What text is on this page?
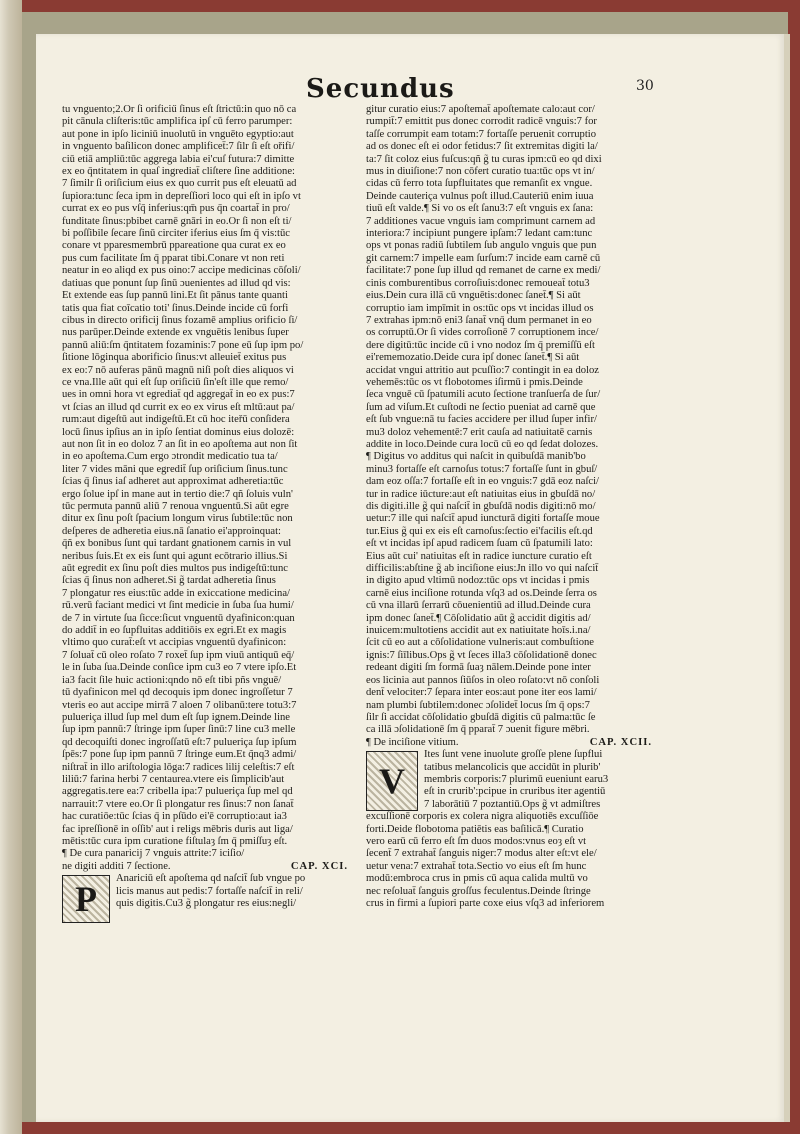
Secundus	30
tu vnguento;2.Or ſi orificiű ſinus eſt ſtrictū:in quo nō ca
pit cānula cliſteris:tūc amplifica ipſ cū ferro parumper:
aut pone in ipſo liciniū inuolutū in vnguēto egyptio:aut
in vnguento baſilicon donec amplificet̄:7 ſilr ſi eſt ořifi/
ciū etiā ampliū:tūc aggrega labia ei'cuſ futura:7 dimitte
ex eo q̄ntitatem in quaſ ingrediat̄ cliſtere ſine additione:
7 ſimilr ſi oriſicium eius ex quo currit pus eſt eleuatū ad
ſupiora:tunc ſeca ipm in depreſſiori loco qui eſt in ipſo vt
currat ex eo pus vſq̄ inferius:qm̄ pus q̄n coartat̄ in pro/
funditate ſinus:pbibet carnē gnāri in eo.Or ſi non eſt ti/
bi poſſibile ſecare ſinū circiter iferius eius ſm q̄ vis:tūc
conare vt pparesmembrū ppareatione qua curat ex eo
pus cum facilitate ſm q̄ pparat tibi.Conare vt non reti
neatur in eo aliqd ex pus oino:7 accipe medicinas cōſoli/
datiuas que ponunt ſup ſinū ɔuenientes ad illud qd vis:
Et extende eas ſup pannū lini.Et ſit pānus tante quanti
tatis qua fiat coīcatio toti' ſinus.Deinde incide cū forfi
cibus in directo orificij ſinus fozamē amplius orificio ſi/
nus parūper.Deinde extende ex vnguētis lenibus ſuper
pannū aliū:ſm q̄ntitatem fozaminis:7 pone eū ſup ipm po/
ſitione lōginqua aborificio ſinus:vt alleuiet̄ exitus pus
ex eo:7 nō auferas pānū magnū niſi poſt dies aliquos vi
ce vna.Ille aūt qui eſt ſup oriſiciū ſin'eſt ille que remo/
ues in omni hora vt egrediat̄ qd aggregat̄ in eo ex pus:7
vt ſcias an illud qd currit ex eo ex virus eſt mltū:aut pa/
rum:aut digeſtū aut indigeſtū.Et cū hoc iteřū conſidera
locū ſinus ipſius an in ipſo ſentiat dominus eius dolozē:
aut non ſit in eo doloz 7 an ſit in eo apoſtema aut non ſit
in eo apoſtema.Cum ergo ɔtrondit medicatio tua ta/
liter 7 vides māni que egredit̄ ſup oriſicium ſinus.tunc
ſcias q̄ ſinus iaſ adheret aut approximat adheretia:tūc
ergo ſolue ipſ in mane aut in tertio die:7 qñ ſoluis vuln'
tūc permuta pannū aliū 7 renoua vnguentū.Si aūt egre
ditur ex ſinu poſt ſpacium longum virus ſubtile:tūc non
deſperes de adheretia eius.nā ſanatio ei'approinquat:
q̄ñ ex bonibus ſunt qui tardant gnationem carnis in vul
neribus ſuis.Et ex eis ſunt qui agunt ecōtrario illius.Si
aūt egredit ex ſinu poſt dies multos pus indigeſtū:tunc
ſcias q̄ ſinus non adheret.Si g̃ tardat adheretia ſinus
7 plongatur res eius:tūc adde in exiccatione medicina/
rū.verū faciant medici vt ſint medicie in ſuba ſua humi/
de 7 in virtute ſua ſicce:ſicut vnguentū dyafinicon:quan
do addit̄ in eo ſupfluitas additiōis ex egri.Et ex magis
vltimo quo curat̄:eſt vt accipias vnguentū dyafinicon:
7 ſoluat̄ cū oleo roſato 7 roxet̄ ſup ipm viuū antiquū eq̄/
le in ſuba ſua.Deinde conſice ipm cu3 eo 7 vtere ipſo.Et
ia3 facit ſile huic actioni:qndo nō eſt tibi pñs vnguē/
tū dyafinicon mel qd decoquis ipm donec ingroſſetur 7
vteris eo aut accipe mirrā 7 aloen 7 olibanū:tere totu3:7
pulueriça illud ſup mel dum eſt ſup ignem.Deinde line
ſup ipm pannū:7 ſtringe ipm ſuper ſinū:7 line cu3 melle
qd decoquiſti donec ingroſſatū eſt:7 pulueriça ſup ipſum
ſpēs:7 pone ſup ipm pannū 7 ſtringe eum.Et q̃nq3 admi/
niſtrat̄ in illo ariſtologia lōga:7 radices lilij celeſtis:7 eſt
liliū:7 farina herbi 7 centaurea.vtere eis ſimplicib'aut
aggregatis.tere ea:7 cribella ipa:7 pulueriça ſup mel qd
narrauit:7 vtere eo.Or ſi plongatur res ſinus:7 non ſanat̄
hac curatiōe:tūc ſcias q̄ in pſūdo ei'ē corruptio:aut ia3
fac ipreſſionē in oſſib' aut i religs mēbris duris aut liga/
mētis:tūc cura ipm curatione fiſtulaȝ ſm q̄ pmiſſuȝ eſt.
¶ De cura panaricij 7 vnguis attrite:7 iciſio/
ne digiti additi 7 ſectione.	CAP. XCI.
P
Anariciū eſt apoſtema qd naſcit̄ ſub vngue po
licis manus aut pedis:7 fortaſſe naſcit̄ in reli/
quis digitis.Cu3 g̃ plongatur res eius:negli/
gitur curatio eius:7 apoſtemat̄ apoſtemate calo:aut cor/
rumpit̄:7 emittit pus donec corrodit radicē vnguis:7 for
taſſe corrumpit eam totam:7 fortaſſe peruenit corruptio
ad os donec eſt ei odor fetidus:7 ſit extremitas digiti la/
ta:7 ſit coloz eius fuſcus:qñ g̃ tu curas ipm:cū eo qd dixi
mus in diuiſione:7 non cōfert curatio tua:tūc ops vt in/
cidas cū ferro tota ſupfluitates que remanſit ex vngue.
Deinde cauteriça vulnus poſt illud.Cauteriū enim iuua
tiuū eſt valde.¶ Si vo os eſt ſanu3:7 eſt vnguis ex ſana:
7 additiones vacue vnguis iam comprimunt carnem ad
interiora:7 incipiunt pungere ipſam:7 ledant cam:tunc
ops vt ponas radiū ſubtilem ſub angulo vnguis que pun
git carnem:7 impelle eam ſurſum:7 incide eam carnē cū
facilitate:7 pone ſup illud qd remanet de carne ex medi/
cinis comburentibus corroſiuis:donec remoueat̄ totu3
eius.Dein cura illā cū vnguētis:donec ſanet̄.¶ Si aūt
corruptio iam impīmit in os:tūc ops vt incidas illud os
7 extrahas ipm:nō eni3 ſanat̄ vnq̄ dum permanet in eo
os corruptū.Or ſi vides corroſionē 7 corruptionem ince/
dere digitū:tūc incide cū i vno nodoz ſm q̄ premiſſū eſt
ei'rememozatio.Deide cura ipſ donec ſanet̄.¶ Si aūt
accidat vngui attritio aut pcuſſio:7 contingit in ea doloz
vehemēs:tūc os vt flobotomes iſirmū i pmis.Deinde
ſeca vnguē cū ſpatumili acuto ſectione tranſuerſa de ſur/
ſum ad viſum.Et cuſtodi ne ſectio pueniat ad carnē que
eſt ſub vngue:nā tu facies accidere per illud ſuper infir/
mu3 doloz vehementē:7 erit cauſa ad natiuitatē carnis
addite in loco.Deinde cura locū cū eo qd ſedat dolozes.
¶ Digitus vo additus qui naſcit in quibuſdā manib'bo
minu3 fortaſſe eſt carnoſus totus:7 fortaſſe ſunt in gbuſ/
dam eoz oſſa:7 fortaſſe eſt in eo vnguis:7 gdā eoz naſci/
tur in radice iūcture:aut eſt natiuitas eius in gbuſdā no/
dis digiti.ille g̃ qui naſcit̄ in gbuſdā nodis digiti:nō mo/
uetur:7 ille qui naſcit̄ apud iuncturā digiti fortaſſe moue
tur.Eius g̃ qui ex eis eſt carnoſus:ſectio ei'facilis eſt.qd
eſt vt incidas ipſ apud radicem ſuam cū ſpatumili lato:
Eius aūt cui' natiuitas eſt in radice iuncture curatio eſt
difficilis:abſtine g̃ ab inciſione eius:Jn illo vo qui naſcit̄
in digito apud vltimū nodoz:tūc ops vt incidas i pmis
carnē eius inciſione rotunda vſq3 ad os.Deinde ſerra os
cū vna illarū ſerrarū cōuenientiū ad illud.Deinde cura
ipm donec ſanet̄.¶ Cōſolidatio aūt g̃ accidit digitis ad/
inuicem:multotiens accidit aut ex natiuitate hoīs.i.na/
ſcit cū eo aut a cōſolidatione vulneris:aut combuſtione
ignis:7 ſiīlibus.Ops g̃ vt ſeces illa3 cōſolidationē donec
redeant digiti ſm formā ſuaȝ nālem.Deinde pone inter
eos licinia aut pannos ſiūſos in oleo roſato:vt nō conſoli
dent̄ velociter:7 ſepara inter eos:aut pone iter eos lami/
nam plumbi ſubtilem:donec ɔſolidet̄ locus ſm q̄ ops:7
ſilr ſi accidat cōſolidatio gbuſdā digitis cū palma:tūc ſe
ca illā ɔſolidationē ſm q̄ pparat̄ 7 ɔuenit figure mēbri.
¶ De inciſione vitium.	CAP. XCII.
V
Ites ſunt vene inuolute groſſe plene ſupflui
tatibus melancolicis que accidūt in plurib'
membris corporis:7 plurimū eueniunt earu3
eſt in crurib':pcipue in cruribus iter agentiū
7 laborātiū 7 poztantiū.Ops g̃ vt admiſtres
excuſſionē corporis ex colera nigra aliquotiēs excuſſiōe
forti.Deide flobotoma patiētis eas baſilicā.¶ Curatio
vero earū cū ferro eſt ſm duos modos:vnus eoȝ eſt vt
ſecent̄ 7 extrahat̄ ſanguis niger:7 modus alter eſt:vt ele/
uetur vena:7 extrahat̄ tota.Sectio vo eius eſt ſm hunc
modū:embroca crus in pmis cū aqua calida multū vo
nec reſoluat̄ ſanguis groſſus feculentus.Deinde ſtringe
crus in firmi a ſupiori parte coxe eius vſq3 ad inferiorem
